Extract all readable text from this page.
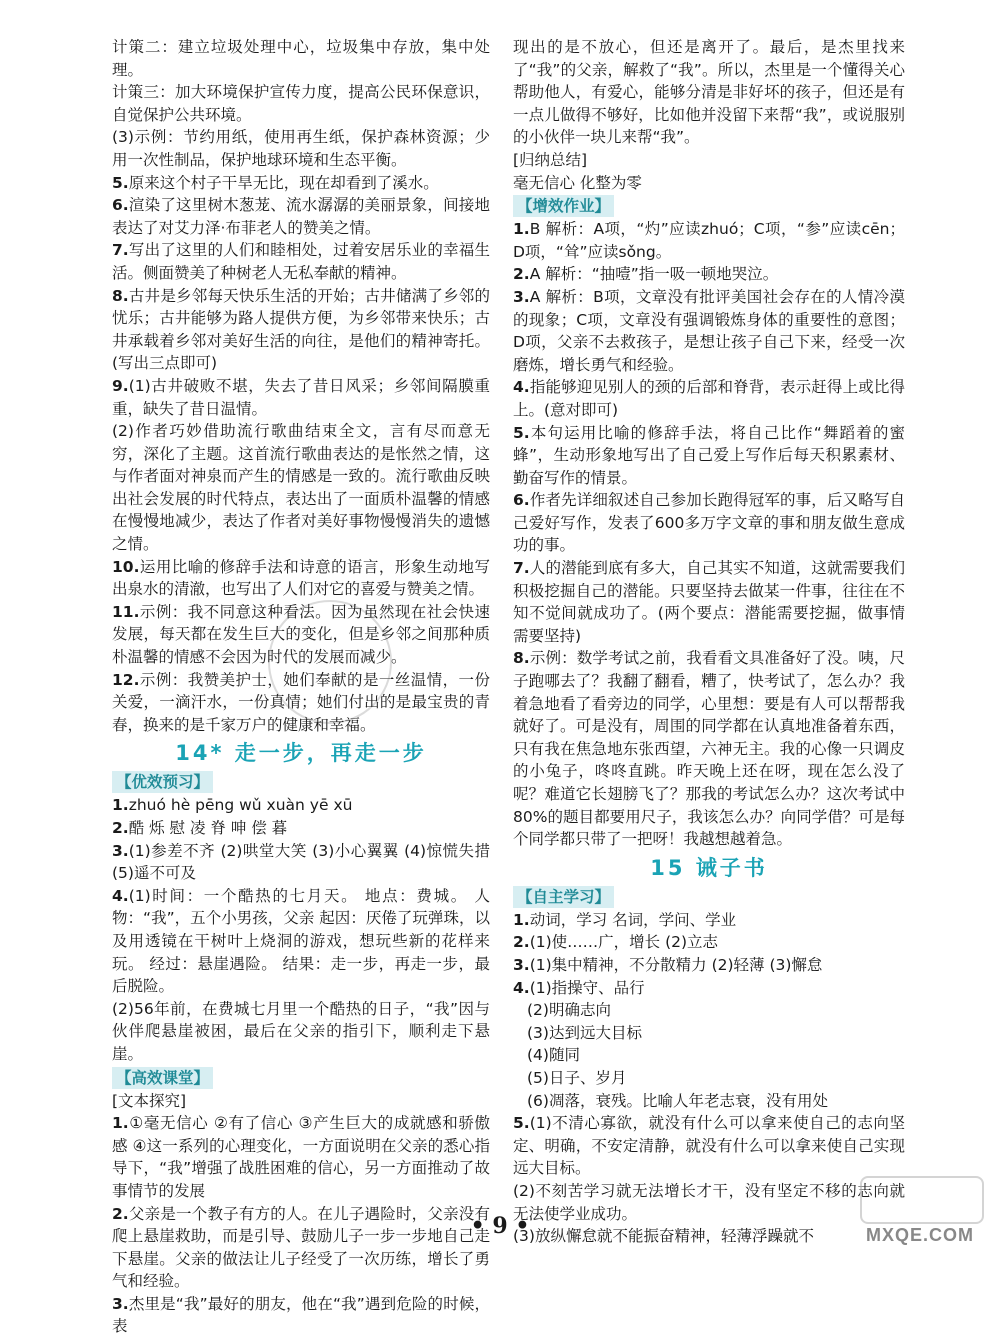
计策二：建立垃圾处理中心，垃圾集中存放，集中处理。
计策三：加大环境保护宣传力度，提高公民环保意识，自觉保护公共环境。
(3)示例：节约用纸，使用再生纸，保护森林资源；少用一次性制品，保护地球环境和生态平衡。
5.原来这个村子干旱无比，现在却看到了溪水。
6.渲染了这里树木葱茏、流水潺潺的美丽景象，间接地表达了对艾力泽·布菲老人的赞美之情。
7.写出了这里的人们和睦相处，过着安居乐业的幸福生活。侧面赞美了种树老人无私奉献的精神。
8.古井是乡邻每天快乐生活的开始；古井储满了乡邻的忧乐；古井能够为路人提供方便，为乡邻带来快乐；古井承载着乡邻对美好生活的向往，是他们的精神寄托。(写出三点即可)
9.(1)古井破败不堪，失去了昔日风采；乡邻间隔膜重重，缺失了昔日温情。
(2)作者巧妙借助流行歌曲结束全文，言有尽而意无穷，深化了主题。这首流行歌曲表达的是怅然之情，这与作者面对神泉而产生的情感是一致的。流行歌曲反映出社会发展的时代特点，表达出了一面质朴温馨的情感在慢慢地减少，表达了作者对美好事物慢慢消失的遗憾之情。
10.运用比喻的修辞手法和诗意的语言，形象生动地写出泉水的清澈，也写出了人们对它的喜爱与赞美之情。
11.示例：我不同意这种看法。因为虽然现在社会快速发展，每天都在发生巨大的变化，但是乡邻之间那种质朴温馨的情感不会因为时代的发展而减少。
12.示例：我赞美护士，她们奉献的是一丝温情，一份关爱，一滴汗水，一份真情；她们付出的是最宝贵的青春，换来的是千家万户的健康和幸福。
14* 走一步，再走一步
【优效预习】
1.zhuó hè pēng wǔ xuàn yē xū
2.酷 烁 慰 凌 脊 呻 偿 暮
3.(1)参差不齐 (2)哄堂大笑 (3)小心翼翼 (4)惊慌失措 (5)遥不可及
4.(1)时间：一个酷热的七月天。 地点：费城。 人物：“我”，五个小男孩，父亲 起因：厌倦了玩弹珠，以及用透镜在干树叶上烧洞的游戏，想玩些新的花样来玩。 经过：悬崖遇险。 结果：走一步，再走一步，最后脱险。
(2)56年前，在费城七月里一个酷热的日子，“我”因与伙伴爬悬崖被困，最后在父亲的指引下，顺利走下悬崖。
【高效课堂】
[文本探究]
1.①毫无信心 ②有了信心 ③产生巨大的成就感和骄傲感 ④这一系列的心理变化，一方面说明在父亲的悉心指导下，“我”增强了战胜困难的信心，另一方面推动了故事情节的发展
2.父亲是一个教子有方的人。在儿子遇险时，父亲没有爬上悬崖救助，而是引导、鼓励儿子一步一步地自己走下悬崖。父亲的做法让儿子经受了一次历练，增长了勇气和经验。
3.杰里是“我”最好的朋友，他在“我”遇到危险的时候，表
现出的是不放心，但还是离开了。最后，是杰里找来了“我”的父亲，解救了“我”。所以，杰里是一个懂得关心帮助他人，有爱心，能够分清是非好坏的孩子，但还是有一点儿做得不够好，比如他并没留下来帮“我”，或说服别的小伙伴一块儿来帮“我”。
[归纳总结]
毫无信心 化整为零
【增效作业】
1.B 解析：A项，“灼”应读zhuó；C项，“参”应读cēn；D项，“耸”应读sǒng。
2.A 解析：“抽噎”指一吸一顿地哭泣。
3.A 解析：B项，文章没有批评美国社会存在的人情冷漠的现象；C项，文章没有强调锻炼身体的重要性的意图；D项，父亲不去救孩子，是想让孩子自己下来，经受一次磨炼，增长勇气和经验。
4.指能够迎见别人的颈的后部和脊背，表示赶得上或比得上。(意对即可)
5.本句运用比喻的修辞手法，将自己比作“舞蹈着的蜜蜂”，生动形象地写出了自己爱上写作后每天积累素材、勤奋写作的情景。
6.作者先详细叙述自己参加长跑得冠军的事，后又略写自己爱好写作，发表了600多万字文章的事和朋友做生意成功的事。
7.人的潜能到底有多大，自己其实不知道，这就需要我们积极挖掘自己的潜能。只要坚持去做某一件事，往往在不知不觉间就成功了。(两个要点：潜能需要挖掘，做事情需要坚持)
8.示例：数学考试之前，我看看文具准备好了没。咦，尺子跑哪去了？我翻了翻看，糟了，快考试了，怎么办？我着急地看了看旁边的同学，心里想：要是有人可以帮帮我就好了。可是没有，周围的同学都在认真地准备着东西，只有我在焦急地东张西望，六神无主。我的心像一只调皮的小兔子，咚咚直跳。昨天晚上还在呀，现在怎么没了呢？难道它长翅膀飞了？那我的考试怎么办？这次考试中80%的题目都要用尺子，我该怎么办？向同学借？可是每个同学都只带了一把呀！我越想越着急。
15 诫子书
【自主学习】
1.动词，学习 名词，学问、学业
2.(1)使……广，增长 (2)立志
3.(1)集中精神，不分散精力 (2)轻薄 (3)懈怠
4.(1)指操守、品行
(2)明确志向
(3)达到远大目标
(4)随同
(5)日子、岁月
(6)凋落，衰残。比喻人年老志衰，没有用处
5.(1)不清心寡欲，就没有什么可以拿来使自己的志向坚定、明确，不安定清静，就没有什么可以拿来使自己实现远大目标。
(2)不刻苦学习就无法增长才干，没有坚定不移的志向就无法使学业成功。
(3)放纵懈怠就不能振奋精神，轻薄浮躁就不
• 9 •	MXQE.COM
